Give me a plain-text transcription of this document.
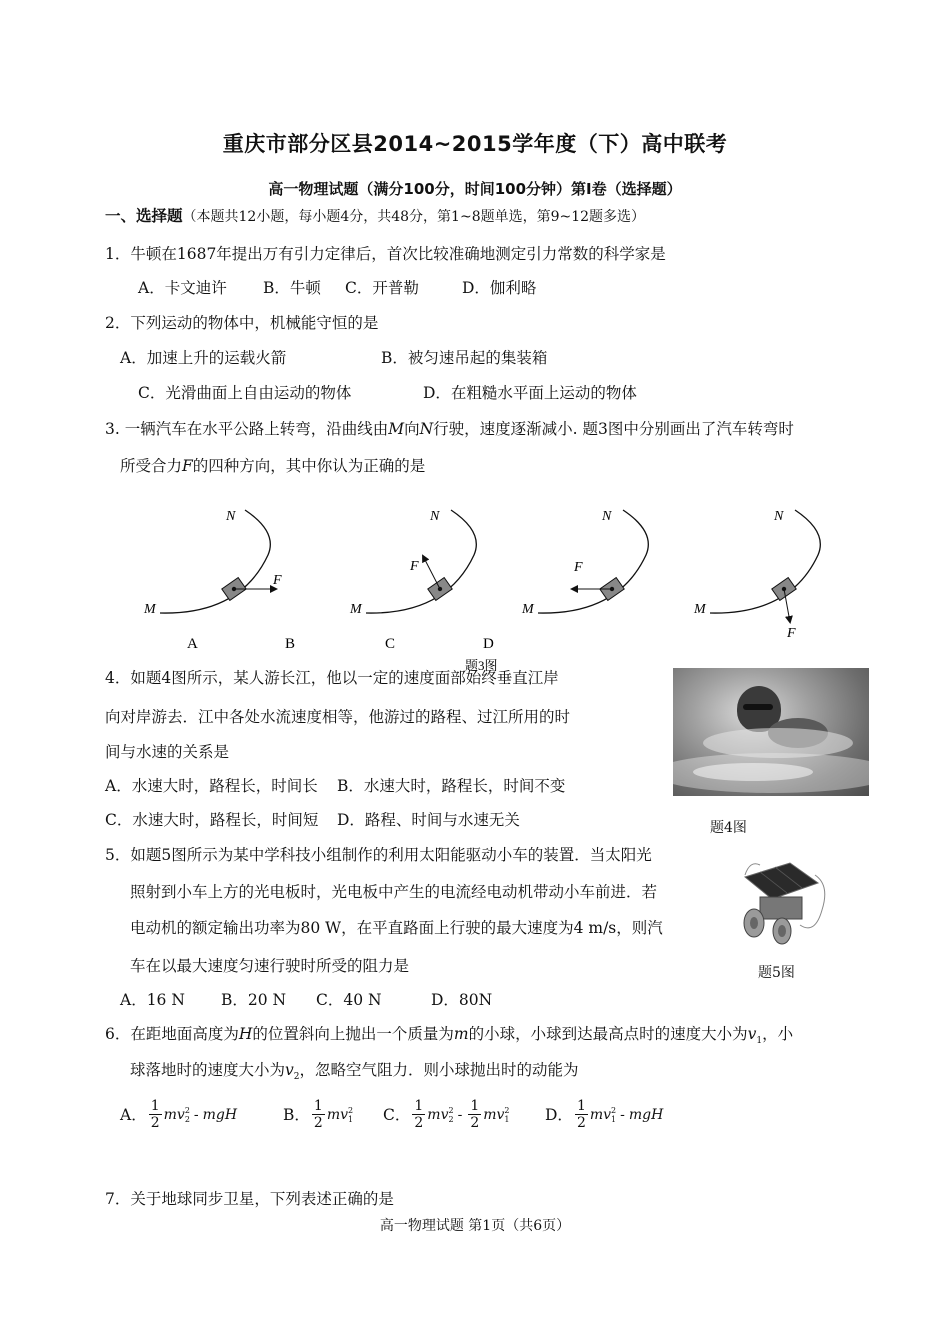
重庆市部分区县2014~2015学年度（下）高中联考
高一物理试题（满分100分，时间100分钟）第Ⅰ卷（选择题）
一、选择题（本题共12小题，每小题4分，共48分，第1~8题单选，第9~12题多选）
1．牛顿在1687年提出万有引力定律后，首次比较准确地测定引力常数的科学家是
A．卡文迪许 B．牛顿 C．开普勒	D．伽利略
2．下列运动的物体中，机械能守恒的是
A．加速上升的运载火箭	B．被匀速吊起的集装箱
C．光滑曲面上自由运动的物体	D．在粗糙水平面上运动的物体
3. 一辆汽车在水平公路上转弯，沿曲线由M向N行驶，速度逐渐减小. 题3图中分别画出了汽车转弯时
所受合力F的四种方向，其中你认为正确的是
F
M
N
F
M
N
F
M
N
F
M
N
A	B	C	D
题3图
4．如题4图所示，某人游长江，他以一定的速度面部始终垂直江岸
向对岸游去．江中各处水流速度相等，他游过的路程、过江所用的时
间与水速的关系是
A．水速大时，路程长，时间长 B．水速大时，路程长，时间不变
C．水速大时，路程长，时间短 D．路程、时间与水速无关	题4图
5．如题5图所示为某中学科技小组制作的利用太阳能驱动小车的装置．当太阳光
照射到小车上方的光电板时，光电板中产生的电流经电动机带动小车前进．若
电动机的额定输出功率为80 W，在平直路面上行驶的最大速度为4 m/s，则汽
车在以最大速度匀速行驶时所受的阻力是
A．16 N B．20 N C．40 N	D．80N
题5图
6．在距地面高度为H的位置斜向上抛出一个质量为m的小球，小球到达最高点时的速度大小为$v_1$，小
球落地时的速度大小为$v_2$，忽略空气阻力．则小球抛出时的动能为
A． $\frac{1}{2}$ mv 2
2 - mgH	B． $\frac{1}{2}$ mv 2
1 C． $\frac{1}{2}$ mv 2
$2 - \frac{1}{2}$ mv 2
1 D． $\frac{1}{2}$ mv 2
1 - mgH
7．关于地球同步卫星，下列表述正确的是
高一物理试题 第1页（共6页）
